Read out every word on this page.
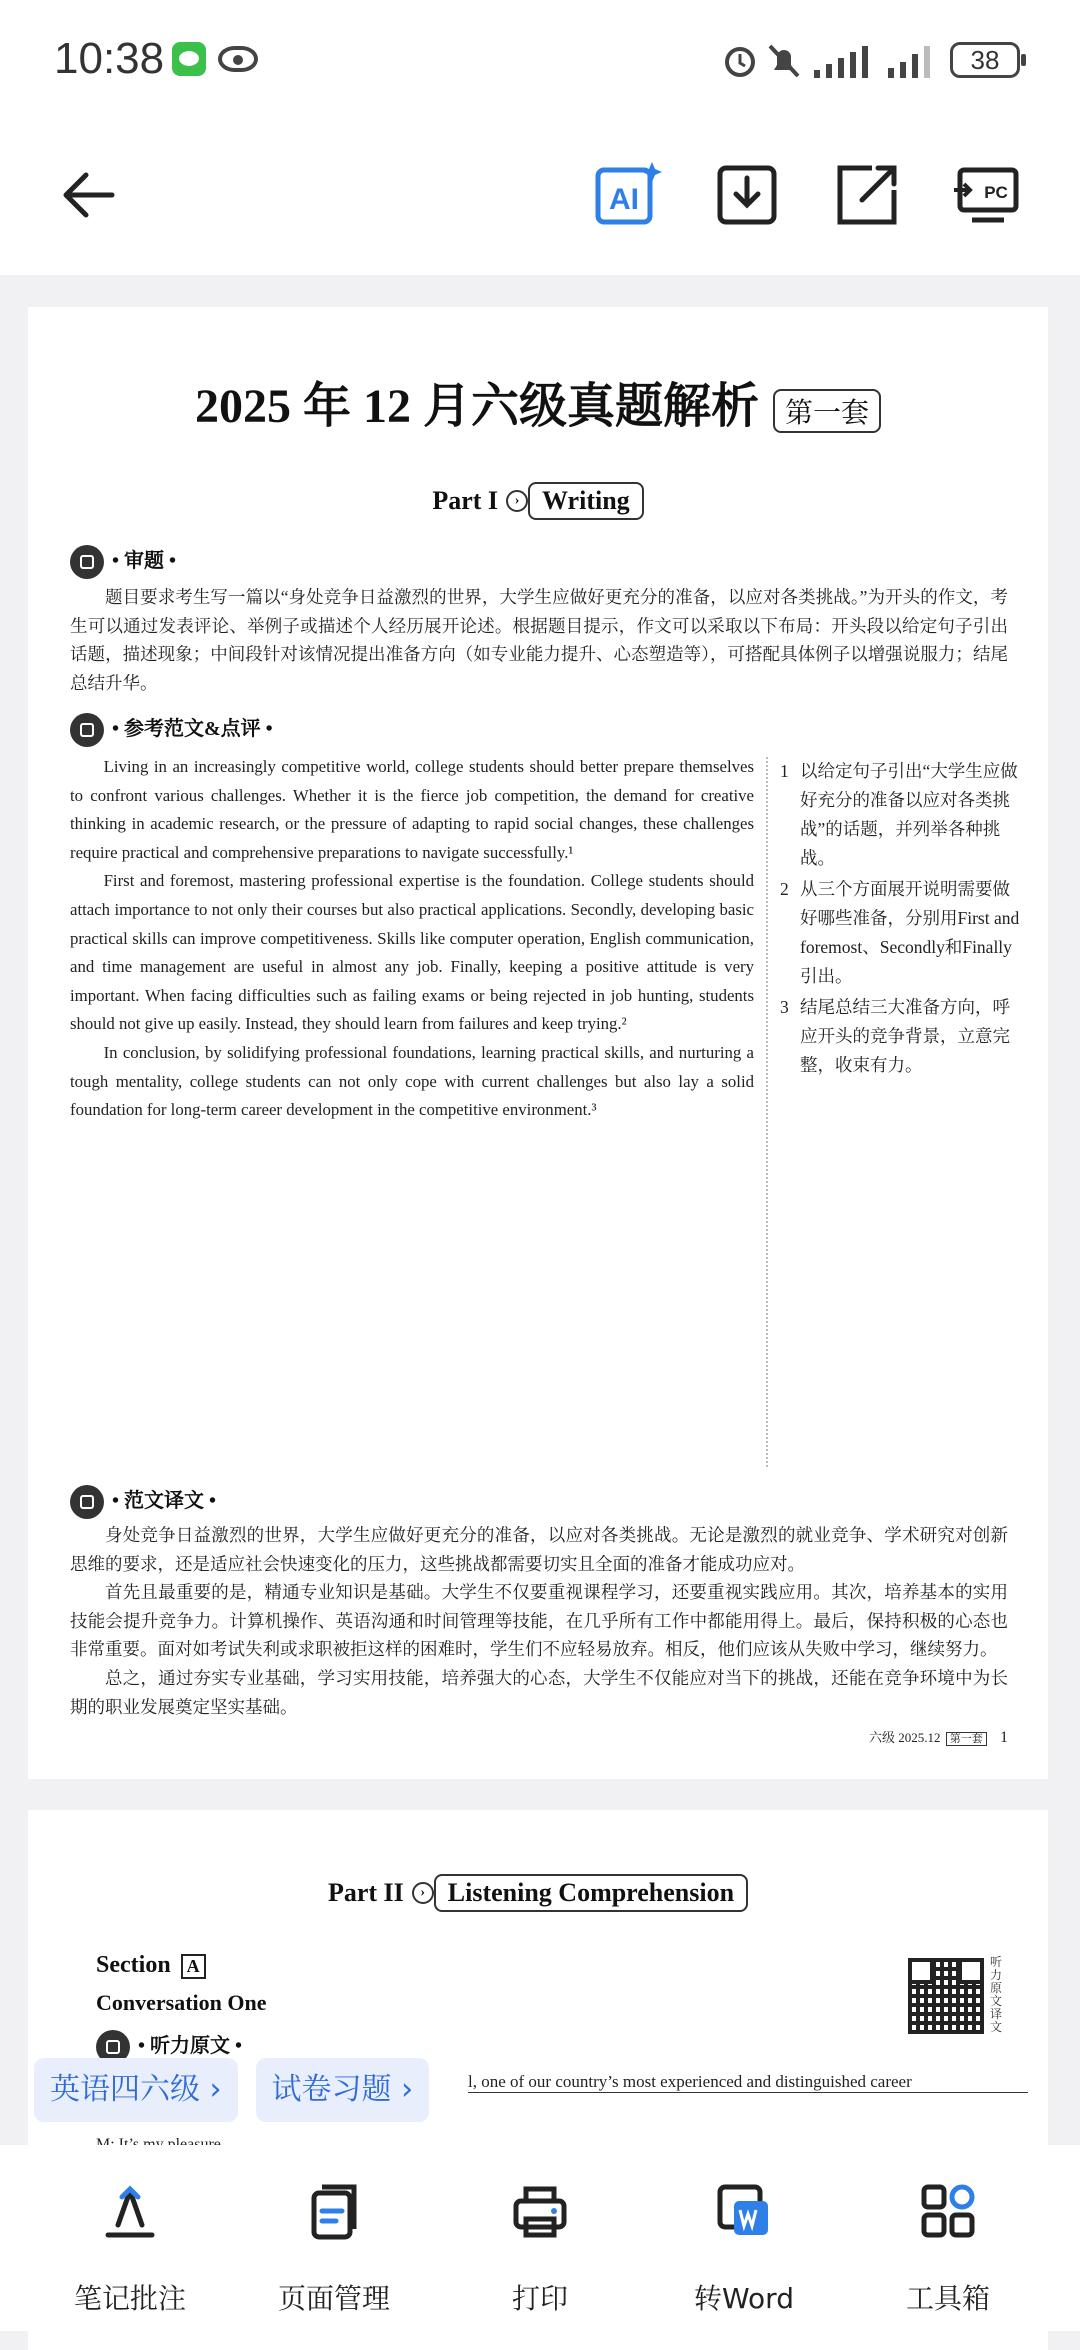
10:38	38
AI	PC
2025 年 12 月六级真题解析 第一套
Part I › Writing
• 审题 •

题目要求考生写一篇以“身处竞争日益激烈的世界，大学生应做好更充分的准备，以应对各类挑战。”为开头的作文，考生可以通过发表评论、举例子或描述个人经历展开论述。根据题目提示，作文可以采取以下布局：开头段以给定句子引出话题，描述现象；中间段针对该情况提出准备方向（如专业能力提升、心态塑造等），可搭配具体例子以增强说服力；结尾总结升华。

• 参考范文&点评 •

Living in an increasingly competitive world, college students should better prepare themselves to confront various challenges. Whether it is the fierce job competition, the demand for creative thinking in academic research, or the pressure of adapting to rapid social changes, these challenges require practical and comprehensive preparations to navigate successfully.¹

First and foremost, mastering professional expertise is the foundation. College students should attach importance to not only their courses but also practical applications. Secondly, developing basic practical skills can improve competitiveness. Skills like computer operation, English communication, and time management are useful in almost any job. Finally, keeping a positive attitude is very important. When facing difficulties such as failing exams or being rejected in job hunting, students should not give up easily. Instead, they should learn from failures and keep trying.²

In conclusion, by solidifying professional foundations, learning practical skills, and nurturing a tough mentality, college students can not only cope with current challenges but also lay a solid foundation for long-term career development in the competitive environment.³

1 以给定句子引出“大学生应做好充分的准备以应对各类挑战”的话题，并列举各种挑战。
2 从三个方面展开说明需要做好哪些准备，分别用First and foremost、Secondly和Finally引出。
3 结尾总结三大准备方向，呼应开头的竞争背景，立意完整，收束有力。
• 范文译文 •

身处竞争日益激烈的世界，大学生应做好更充分的准备，以应对各类挑战。无论是激烈的就业竞争、学术研究对创新思维的要求，还是适应社会快速变化的压力，这些挑战都需要切实且全面的准备才能成功应对。

首先且最重要的是，精通专业知识是基础。大学生不仅要重视课程学习，还要重视实践应用。其次，培养基本的实用技能会提升竞争力。计算机操作、英语沟通和时间管理等技能，在几乎所有工作中都能用得上。最后，保持积极的心态也非常重要。面对如考试失利或求职被拒这样的困难时，学生们不应轻易放弃。相反，他们应该从失败中学习，继续努力。

总之，通过夯实专业基础，学习实用技能，培养强大的心态，大学生不仅能应对当下的挑战，还能在竞争环境中为长期的职业发展奠定坚实基础。

六级 2025.12 第一套 1
Part II › Listening Comprehension
Section A
Conversation One
• 听力原文 •
听力原文译文
l, one of our country’s most experienced and distinguished career
英语四六级 ›	试卷习题 ›
笔记批注	页面管理	打印	转Word	工具箱
